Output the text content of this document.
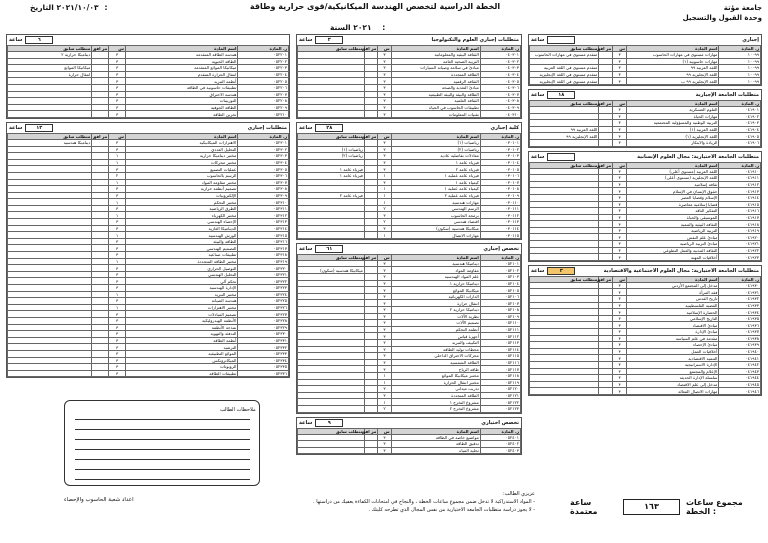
جامعة مؤتة
وحدة القبول والتسجيل
الخطة الدراسية لتخصص الهندسة الميكانيكية/قوى حرارية وطاقة
٢٠٢١/١٠/٠٣ التاريخ:
٢٠٢١ السنة :
إجباري
ساعة
ر. المادة	اسم المادة	س	مر افق	متطلب سابق
١٠٠٩٩	مهارات مستوى في مهارات الحاسوب	٣		متقدم مستوى في مهارات الحاسوب
١٠٠٩٩	مهارات حاسوبية (١)	٣		
١٠٠٩٩	اللغة العربية ٩٩	٣		متقدم مستوى في اللغة العربية
١٠٠٩٩	اللغة الإنجليزية ٩٩	٣		متقدم مستوى في اللغة الإنجليزية
١٠٠٩٩	اللغة الإنجليزية ٩٩ ب	٣		متقدم مستوى في اللغة الإنجليزية
متطلبات الجامعة الإجبارية
١٨
ساعة
ر. المادة	اسم المادة	س	مر افق	متطلب سابق
٠٤١٩٠١	العلوم العسكرية	٣		
٠٤١٩٠٢	مهارات الحياة	٣		
٠٤١٩٠٣	التربية الوطنية والمسؤولية المجتمعية	٣		
٠٤١٩٠٤	اللغة العربية (١)	٣		اللغة العربية ٩٩
٠٤١٩٠٥	اللغة الإنجليزية (١)	٣		اللغة الإنجليزية ٩٩
٠٤١٩٠٦	الريادة والابتكار	٣		
متطلبات الجامعة الاختيارية: مجال العلوم الإنسانية
ساعة
ر. المادة	اسم المادة	س	مر افق	متطلب سابق
٠٤١٩١٠	اللغة العربية (مستوى أعلى)	٣		
٠٤١٩١١	اللغة الإنجليزية (مستوى أعلى)	٣		
٠٤١٩١٢	ثقافة إسلامية	٣		
٠٤١٩١٣	حقوق الإنسان في الإسلام	٣		
٠٤١٩١٤	الإسلام وقضايا العصر	٣		
٠٤١٩١٥	قضايا إسلامية معاصرة	٣		
٠٤١٩١٦	التفكير الناقد	٣		
٠٤١٩١٧	الموسيقى والحياة	٣		
٠٤١٩١٨	الثقافة البيئية والتنمية	٣		
٠٤١٩١٩	التربية الرياضية	٣		
٠٤١٩٢٠	مبادئ علم النفس	٣		
٠٤١٩٢١	مبادئ التربية الرياضية	٣		
٠٤١٩٢٢	الثقافة المدنية والعمل التطوعي	٣		
٠٤١٩٢٣	أخلاقيات المهنة	٣		
متطلبات الجامعة الاختيارية: مجال العلوم الاجتماعية والاقتصادية
٣
ساعة
ر. المادة	اسم المادة	س	مر افق	متطلب سابق
٠٤١٩٣٠	مدخل إلى المجتمع الأردني	٣		
٠٤١٩٣١	فقه المرأة	٣		
٠٤١٩٣٢	تاريخ القدس	٣		
٠٤١٩٣٣	القضية الفلسطينية	٣		
٠٤١٩٣٤	الحضارة الإسلامية	٣		
٠٤١٩٣٥	التاريخ الإسلامي	٣		
٠٤١٩٣٦	مبادئ الاقتصاد	٣		
٠٤١٩٣٧	مبادئ الإدارة	٣		
٠٤١٩٣٨	مقدمة في علم السياسة	٣		
٠٤١٩٣٩	مبادئ الإحصاء	٣		
٠٤١٩٤٠	أخلاقيات العمل	٣		
٠٤١٩٤١	التنمية الاقتصادية	٣		
٠٤١٩٤٢	الإدارة الاستراتيجية	٣		
٠٤١٩٤٣	الإعلام والمجتمع	٣		
٠٤١٩٤٤	سلسلة الإدارة الحديثة	٣		
٠٤١٩٤٥	مدخل إلى علم الاقتصاد	٣		
٠٤١٩٤٦	مهارات الاتصال الفعالة	٣		
متطلبات إجباري العلوم والتكنولوجيا
٣
ساعة
ر. المادة	اسم المادة	س	مر افق	متطلب سابق
٠٤٠٣٠١	الثقافة البيئية والمعلوماتية	٣		
٠٤٠٣٠٢	التربية الصحية العامة	٣		
٠٤٠٣٠٣	مبادئ في سلامة وصيانة السيارات	٣		
٠٤٠٣٠٤	الطاقة المتجددة	٣		
٠٤٠٣٠٥	الثقافة الرقمية	٣		
٠٤٠٣٠٦	مبادئ التغذية والصحة	٣		
٠٤٠٣٠٧	الطاقة والبيئة والبيئة الطبيعية	٣		
٠٤٠٣٠٨	الثقافة العلمية	٣		
٠٤٠٣٠٩	تطبيقات الحاسوب في الحياة	٣		
٠٤٠٣١٠	تقنيات المعلومات	٣		
كلية إجباري
٢٨
ساعة
ر. المادة	اسم المادة	س	مر افق	متطلب سابق
٠٣٠١٠١	رياضيات (١)	٣		
٠٣٠١٠٢	رياضيات (٢)	٣		رياضيات (١)
٠٣٠١٠٣	معادلات تفاضلية عادية	٣		رياضيات (٢)
٠٣٠١٠٤	فيزياء عامة ١	٣		
٠٣٠١٠٥	فيزياء عامة ٢	٣		فيزياء عامة ١
٠٣٠١٠٦	فيزياء عامة عملية ١	١		فيزياء عامة ١
٠٣٠١٠٧	كيمياء عامة ١	٣		
٠٣٠١٠٨	كيمياء عامة عملية ١	١		
٠٣٠١٠٩	فيزياء عامة عملية ٢	١		فيزياء عامة ٢
٠٣٠١١٠	مهارات هندسية	١		
٠٣٠١١١	الرسم الهندسي	٢		
٠٣٠١١٢	برمجة الحاسوب	٣		
٠٣٠١١٣	اقتصاد هندسي	٢		
٠٣٠١١٤	ميكانيكا هندسية (سكون)	٣		
٠٣٠١١٥	مهارات الاتصال	١		
تخصص إجباري
٦١
ساعة
ر. المادة	اسم المادة	س	مر افق	متطلب سابق
٠٥٢١٠١	ديناميكا هندسية	٣		
٠٥٢١٠٢	مقاومة المواد	٣		ميكانيكا هندسية (سكون)
٠٥٢١٠٣	علم المواد الهندسية	٣		
٠٥٢١٠٤	ديناميكا حرارية ١	٣		
٠٥٢١٠٥	ميكانيكا الموائع	٣		
٠٥٢١٠٦	الدارات الكهربائية	٣		
٠٥٢١٠٧	انتقال حرارة	٣		
٠٥٢١٠٨	ديناميكا حرارية ٢	٣		
٠٥٢١٠٩	نظرية الآلات	٣		
٠٥٢١١٠	تصميم الآلات	٣		
٠٥٢١١١	أنظمة التحكم	٣		
٠٥٢١١٢	أجهزة قياس	٣		
٠٥٢١١٣	التكييف والتبريد	٣		
٠٥٢١١٤	محطات توليد الطاقة	٣		
٠٥٢١١٥	محركات الاحتراق الداخلي	٣		
٠٥٢١١٦	الطاقة الشمسية	٣		
٠٥٢١١٧	طاقة الرياح	٣		
٠٥٢١١٨	مختبر ميكانيكا الموائع	١		
٠٥٢١١٩	مختبر انتقال الحرارة	١		
٠٥٢١٢٠	تدريب ميداني	٣		
٠٥٢١٢١	الطاقة المتجددة	٣		
٠٥٢١٢٢	مشروع التخرج ١	١		
٠٥٢١٢٣	مشروع التخرج ٢	٢		
تخصص اختياري
٩
ساعة
ر. المادة	اسم المادة	س	مر افق	متطلب سابق
٠٥٢٤٠١	مواضيع خاصة في الطاقة	٣		
٠٥٢٤٠٢	تدقيق الطاقة	٣		
٠٥٢٤٠٣	تحلية المياه	٣		
٦
ساعة
ر. المادة	اسم المادة	س	مر افق	متطلب سابق
٠٥٢٢٠١	هندسة الطاقة المتقدمة	٣		ديناميكا حرارية ٢
٠٥٢٢٠٢	الطاقة الحيوية	٣		
٠٥٢٢٠٣	ميكانيكا الموائع المتقدمة	٣		ميكانيكا الموائع
٠٥٢٢٠٤	انتقال الحرارة المتقدم	٣		انتقال حرارة
٠٥٢٢٠٥	أنظمة التبريد	٣		
٠٥٢٢٠٦	تطبيقات حاسوبية في الطاقة	٣		
٠٥٢٢٠٧	هندسة الاحتراق	٣		
٠٥٢٢٠٨	التوربينات	٣		
٠٥٢٢٠٩	الطاقة الجوفية	٣		
٠٥٢٢١٠	تخزين الطاقة	٣		
متطلبات إجباري
١٣
ساعة
ر. المادة	اسم المادة	س	مر افق	متطلب سابق
٠٥٢٣٠١	الاهتزازات الميكانيكية	٣		ديناميكا هندسية
٠٥٢٣٠٢	التحليل العددي	٣		
٠٥٢٣٠٣	مختبر ديناميكا حرارية	١		
٠٥٢٣٠٤	مختبر محركات	١		
٠٥٢٣٠٥	عمليات التصنيع	٣		
٠٥٢٣٠٦	الرسم بالحاسوب	٢		
٠٥٢٣٠٧	مختبر مقاومة المواد	١		
٠٥٢٣٠٨	تصميم أنظمة حرارية	٣		
٠٥٢٣٠٩	الإلكترونيات	٣		
٠٥٢٣١٠	مختبر التحكم	١		
٠٥٢٣١١	الطرق الرياضية	٣		
٠٥٢٣١٢	مختبر الكهرباء	١		
٠٥٢٣١٣	الإحصاء الهندسي	٣		
٠٥٢٣١٤	الديناميكا الغازية	٣		
٠٥٢٣١٥	الورش الهندسية	١		
٠٥٢٣١٦	الطاقة والبيئة	٣		
٠٥٢٣١٧	التصميم الهندسي	٣		
٠٥٢٣١٨	تطبيقات صناعية	٣		
٠٥٢٣١٩	مختبر الطاقة المتجددة	١		
٠٥٢٣٢٠	التوصيل الحراري	٣		
٠٥٢٣٢١	التحليل الهندسي	٣		
٠٥٢٣٢٢	تحكم آلي	٣		
٠٥٢٣٢٣	الإدارة الهندسية	٣		
٠٥٢٣٢٤	مختبر التبريد	١		
٠٥٢٣٢٥	هندسة الصيانة	٣		
٠٥٢٣٢٦	مختبر الاهتزازات	١		
٠٥٢٣٢٧	تصميم المبادلات	٣		
٠٥٢٣٢٨	الأنظمة الهيدروليكية	٣		
٠٥٢٣٢٩	نمذجة الأنظمة	٣		
٠٥٢٣٣٠	التدفئة والتهوية	٣		
٠٥٢٣٣١	أنظمة الطاقة	٣		
٠٥٢٣٣٢	الترشيد	٣		
٠٥٢٣٣٣	الموائع التطبيقية	٣		
٠٥٢٣٣٤	الميكاترونكس	٣		
٠٥٢٣٣٥	الروبوتات	٣		
٠٥٢٣٣٦	تطبيقات الطاقة	٣		
ملاحظات الطالب
عزيزي الطالب:
- المواد الاستدراكية لا تدخل ضمن مجموع ساعات الخطة ، والنجاح في امتحانات الكفاءة يعفيك من دراستها .
- لا يجوز دراسة متطلبات الجامعة الاختيارية من نفس المجال الذي تطرحه كليتك .
اعداد شعبة الحاسوب والإحصاء	مجموع ساعات الخطة :
١٦٣
ساعة معتمدة
